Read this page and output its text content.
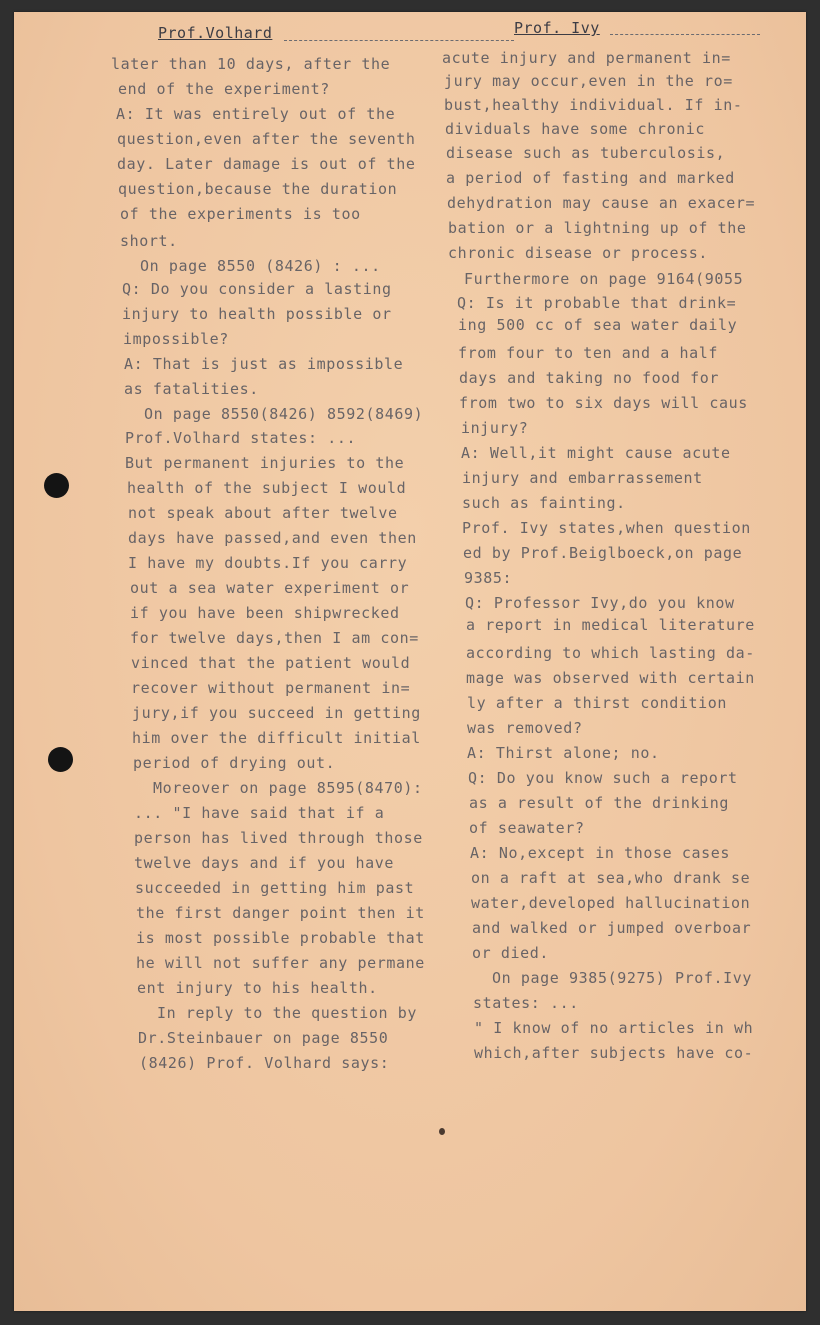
Prof.Volhard	Prof. Ivy
later than 10 days, after the
end of the experiment?
A: It was entirely out of the
question,even after the seventh
day. Later damage is out of the
question,because the duration
of the experiments is too
short.
On page 8550 (8426) : ...
Q: Do you consider a lasting
injury to health possible or
impossible?
A: That is just as impossible
as fatalities.
On page 8550(8426) 8592(8469)
Prof.Volhard states: ...
But permanent injuries to the
health of the subject I would
not speak about after twelve
days have passed,and even then
I have my doubts.If you carry
out a sea water experiment or
if you have been shipwrecked
for twelve days,then I am con=
vinced that the patient would
recover without permanent in=
jury,if you succeed in getting
him over the difficult initial
period of drying out.
Moreover on page 8595(8470):
... "I have said that if a
person has lived through those
twelve days and if you have
succeeded in getting him past
the first danger point then it
is most possible probable that
he will not suffer any permane
ent injury to his health.
In reply to the question by
Dr.Steinbauer on page 8550
(8426) Prof. Volhard says:
acute injury and permanent in=
jury may occur,even in the ro=
bust,healthy individual. If in-
dividuals have some chronic
disease such as tuberculosis,
a period of fasting and marked
dehydration may cause an exacer=
bation or a lightning up of the
chronic disease or process.
Furthermore on page 9164(9055
Q: Is it probable that drink=
ing 500 cc of sea water daily
from four to ten and a half
days and taking no food for
from two to six days will caus
injury?
A: Well,it might cause acute
injury and embarrassement
such as fainting.
Prof. Ivy states,when question
ed by Prof.Beiglboeck,on page
9385:
Q: Professor Ivy,do you know
a report in medical literature
according to which lasting da-
mage was observed with certain
ly after a thirst condition
was removed?
A: Thirst alone; no.
Q: Do you know such a report
as a result of the drinking
of seawater?
A: No,except in those cases
on a raft at sea,who drank se
water,developed hallucination
and walked or jumped overboar
or died.
On page 9385(9275) Prof.Ivy
states: ...
" I know of no articles in wh
which,after subjects have co-
